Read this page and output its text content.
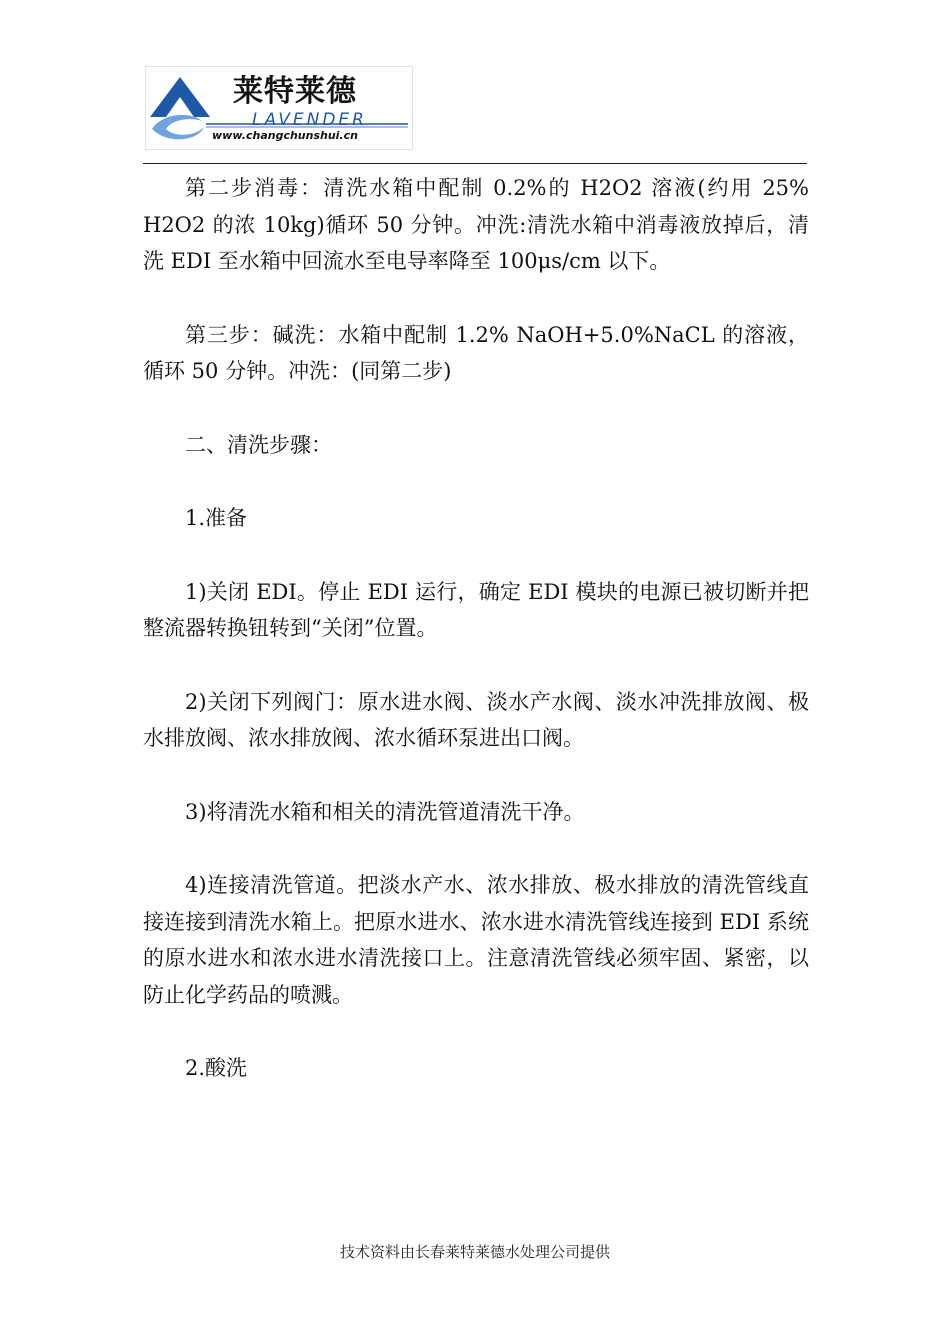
莱特莱德
LAVENDER
www.changchunshui.cn

第二步消毒：清洗水箱中配制 0.2%的 H2O2 溶液(约用 25% H2O2 的浓 10kg)循环 50 分钟。冲洗:清洗水箱中消毒液放掉后，清洗 EDI 至水箱中回流水至电导率降至 100μs/cm 以下。

第三步：碱洗：水箱中配制 1.2% NaOH+5.0%NaCL 的溶液，循环 50 分钟。冲洗：(同第二步)

二、清洗步骤：

1.准备

1)关闭 EDI。停止 EDI 运行，确定 EDI 模块的电源已被切断并把整流器转换钮转到“关闭”位置。

2)关闭下列阀门：原水进水阀、淡水产水阀、淡水冲洗排放阀、极水排放阀、浓水排放阀、浓水循环泵进出口阀。

3)将清洗水箱和相关的清洗管道清洗干净。

4)连接清洗管道。把淡水产水、浓水排放、极水排放的清洗管线直接连接到清洗水箱上。把原水进水、浓水进水清洗管线连接到 EDI 系统的原水进水和浓水进水清洗接口上。注意清洗管线必须牢固、紧密，以防止化学药品的喷溅。

2.酸洗

技术资料由长春莱特莱德水处理公司提供
